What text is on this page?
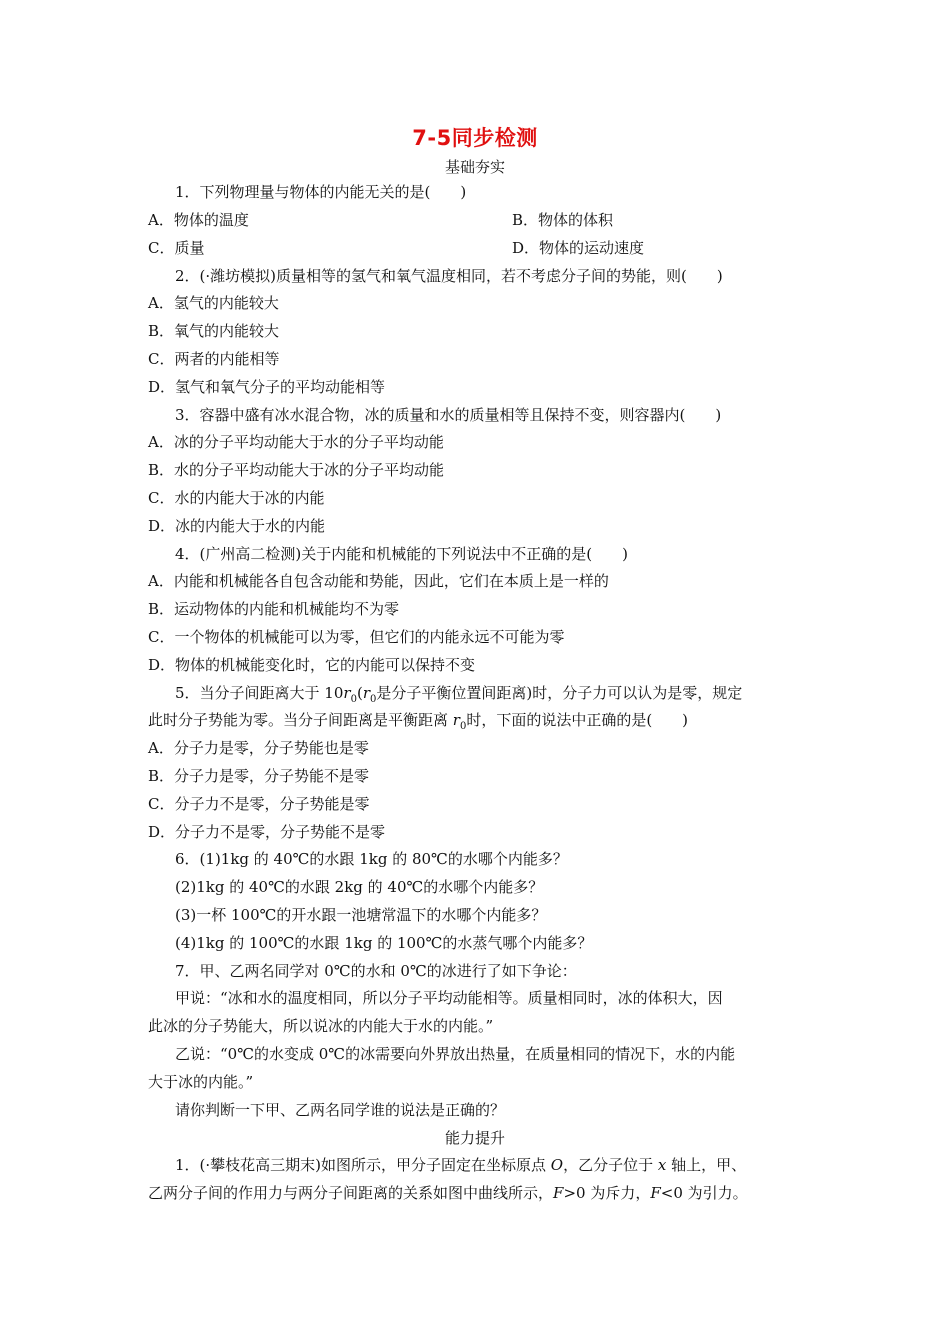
7-5同步检测
基础夯实
1．下列物理量与物体的内能无关的是(　　)
A．物体的温度	B．物体的体积
C．质量	D．物体的运动速度
2．(·潍坊模拟)质量相等的氢气和氧气温度相同，若不考虑分子间的势能，则(　　)
A．氢气的内能较大
B．氧气的内能较大
C．两者的内能相等
D．氢气和氧气分子的平均动能相等
3．容器中盛有冰水混合物，冰的质量和水的质量相等且保持不变，则容器内(　　)
A．冰的分子平均动能大于水的分子平均动能
B．水的分子平均动能大于冰的分子平均动能
C．水的内能大于冰的内能
D．冰的内能大于水的内能
4．(广州高二检测)关于内能和机械能的下列说法中不正确的是(　　)
A．内能和机械能各自包含动能和势能，因此，它们在本质上是一样的
B．运动物体的内能和机械能均不为零
C．一个物体的机械能可以为零，但它们的内能永远不可能为零
D．物体的机械能变化时，它的内能可以保持不变
5．当分子间距离大于 $10r_0(r_0$是分子平衡位置间距离)时，分子力可以认为是零，规定
此时分子势能为零。当分子间距离是平衡距离 $r_0$时，下面的说法中正确的是(　　)
A．分子力是零，分子势能也是零
B．分子力是零，分子势能不是零
C．分子力不是零，分子势能是零
D．分子力不是零，分子势能不是零
6．(1)1kg 的 40℃的水跟 1kg 的 80℃的水哪个内能多？
(2)1kg 的 40℃的水跟 2kg 的 40℃的水哪个内能多？
(3)一杯 100℃的开水跟一池塘常温下的水哪个内能多？
(4)1kg 的 100℃的水跟 1kg 的 100℃的水蒸气哪个内能多？
7．甲、乙两名同学对 0℃的水和 0℃的冰进行了如下争论：
甲说：“冰和水的温度相同，所以分子平均动能相等。质量相同时，冰的体积大，因
此冰的分子势能大，所以说冰的内能大于水的内能。”
乙说：“0℃的水变成 0℃的冰需要向外界放出热量，在质量相同的情况下，水的内能
大于冰的内能。”
请你判断一下甲、乙两名同学谁的说法是正确的？
能力提升
1．(·攀枝花高三期末)如图所示，甲分子固定在坐标原点 O，乙分子位于 x 轴上，甲、
乙两分子间的作用力与两分子间距离的关系如图中曲线所示，F>0 为斥力，F<0 为引力。
